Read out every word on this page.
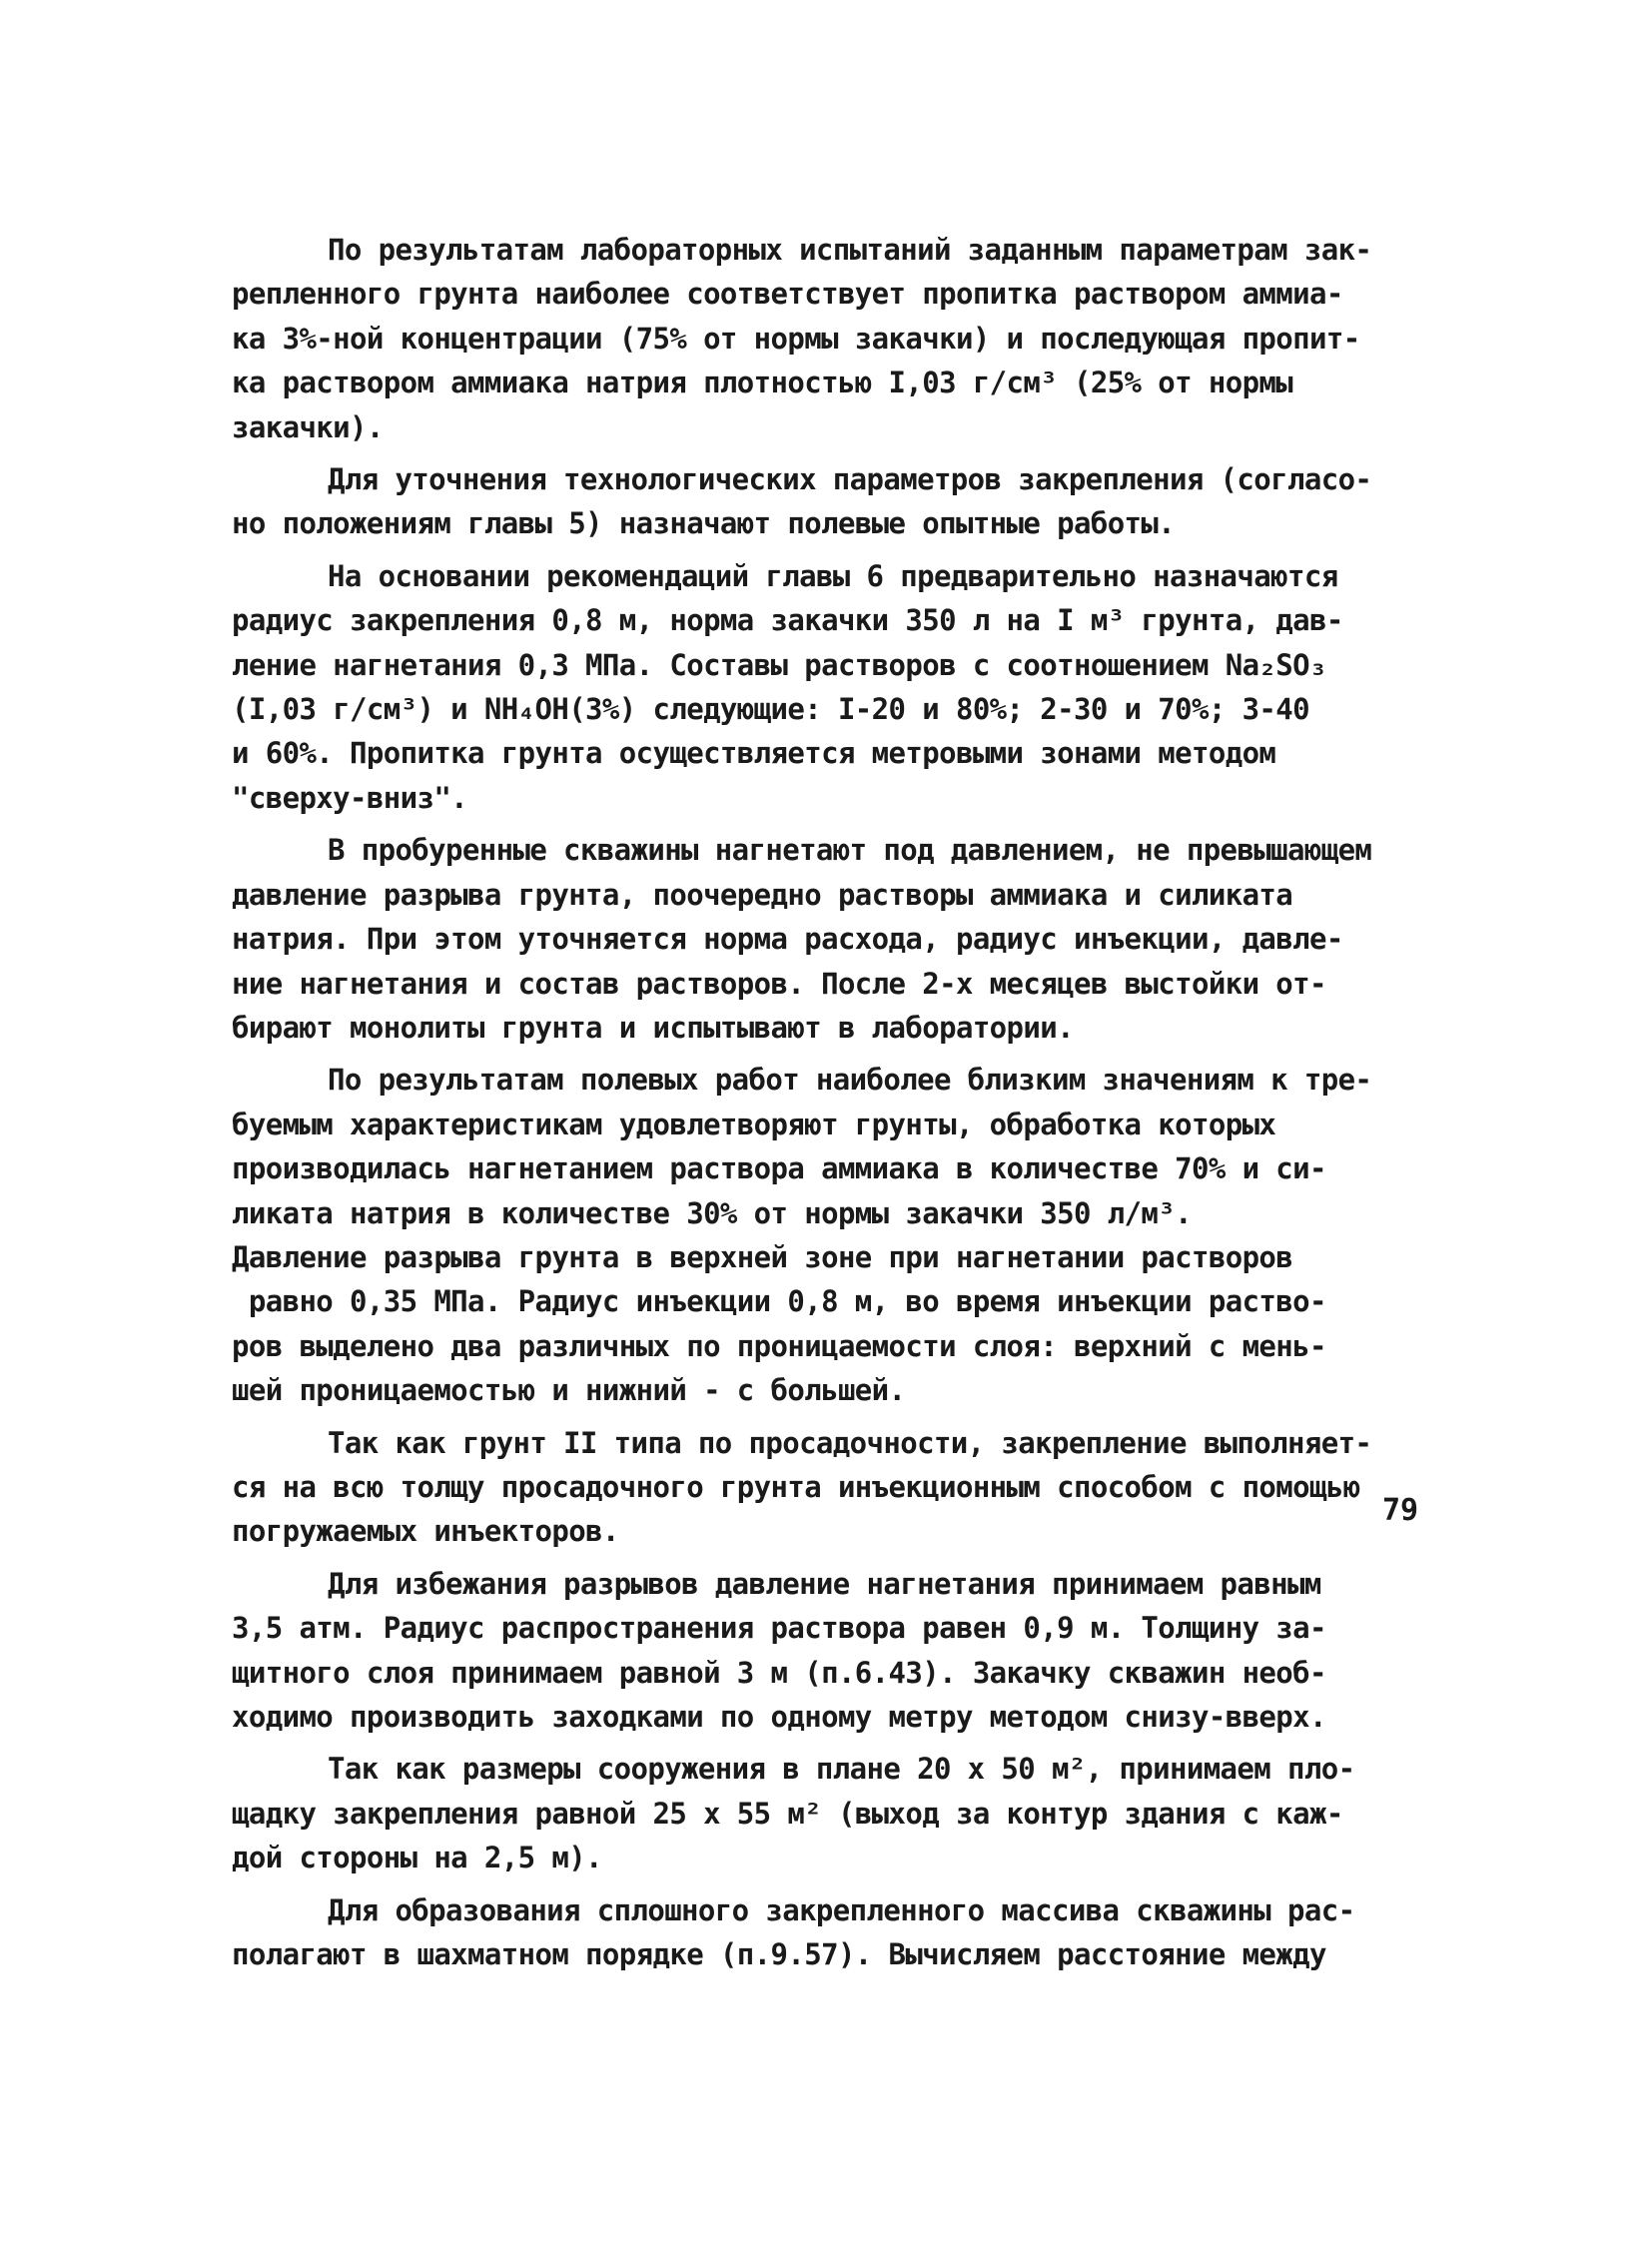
По результатам лабораторных испытаний заданным параметрам зак-
репленного грунта наиболее соответствует пропитка раствором аммиа-
ка 3%-ной концентрации (75% от нормы закачки) и последующая пропит-
ка раствором аммиака натрия плотностью I,03 г/см³ (25% от нормы
закачки).
Для уточнения технологических параметров закрепления (согласо-
но положениям главы 5) назначают полевые опытные работы.
На основании рекомендаций главы 6 предварительно назначаются
радиус закрепления 0,8 м, норма закачки 350 л на I м³ грунта, дав-
ление нагнетания 0,3 МПа. Составы растворов с соотношением Na₂SO₃
(I,03 г/см³) и NH₄OH(3%) следующие: I-20 и 80%; 2-30 и 70%; 3-40
и 60%. Пропитка грунта осуществляется метровыми зонами методом
"сверху-вниз".
В пробуренные скважины нагнетают под давлением, не превышающем
давление разрыва грунта, поочередно растворы аммиака и силиката
натрия. При этом уточняется норма расхода, радиус инъекции, давле-
ние нагнетания и состав растворов. После 2-х месяцев выстойки от-
бирают монолиты грунта и испытывают в лаборатории.
По результатам полевых работ наиболее близким значениям к тре-
буемым характеристикам удовлетворяют грунты, обработка которых
производилась нагнетанием раствора аммиака в количестве 70% и си-
ликата натрия в количестве 30% от нормы закачки 350 л/м³.
Давление разрыва грунта в верхней зоне при нагнетании растворов
равно 0,35 МПа. Радиус инъекции 0,8 м, во время инъекции раство-
ров выделено два различных по проницаемости слоя: верхний с мень-
шей проницаемостью и нижний - с большей.
Так как грунт II типа по просадочности, закрепление выполняет-
ся на всю толщу просадочного грунта инъекционным способом с помощью
погружаемых инъекторов.
Для избежания разрывов давление нагнетания принимаем равным
3,5 атм. Радиус распространения раствора равен 0,9 м. Толщину за-
щитного слоя принимаем равной 3 м (п.6.43). Закачку скважин необ-
ходимо производить заходками по одному метру методом снизу-вверх.
Так как размеры сооружения в плане 20 х 50 м², принимаем пло-
щадку закрепления равной 25 х 55 м² (выход за контур здания с каж-
дой стороны на 2,5 м).
Для образования сплошного закрепленного массива скважины рас-
полагают в шахматном порядке (п.9.57). Вычисляем расстояние между
79
